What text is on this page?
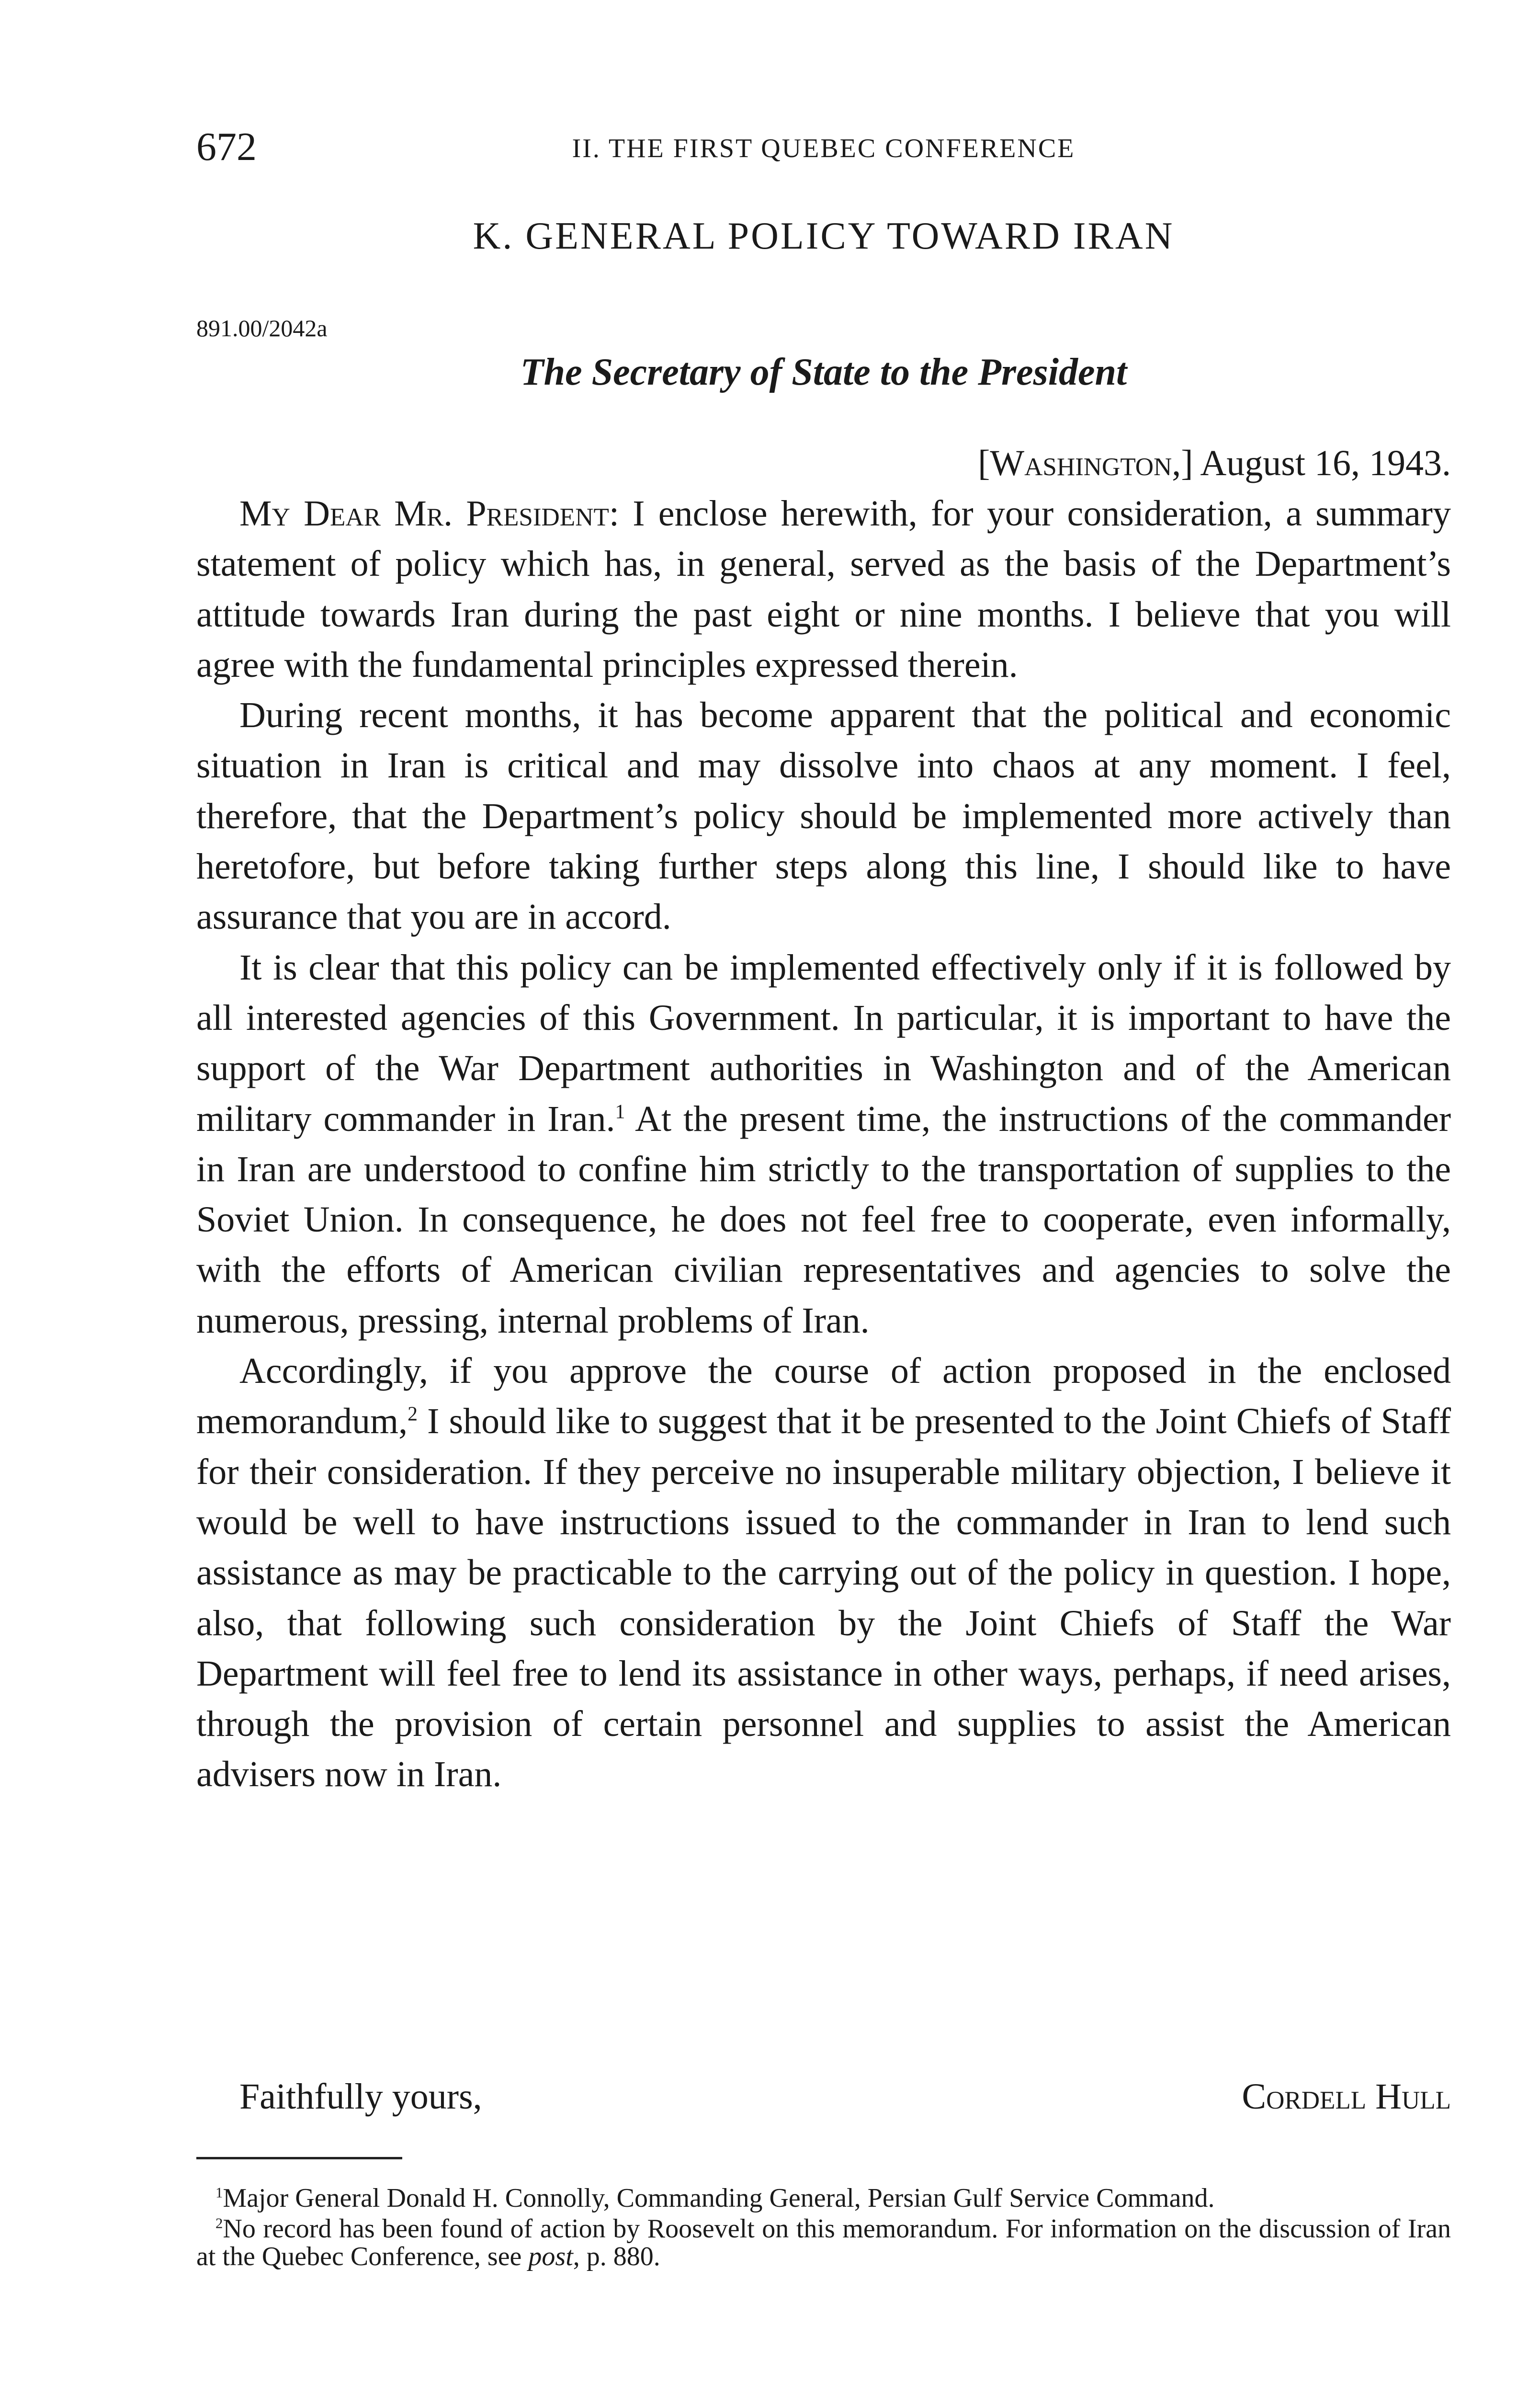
672	II. THE FIRST QUEBEC CONFERENCE
K. GENERAL POLICY TOWARD IRAN
891.00/2042a
The Secretary of State to the President
[Washington,] August 16, 1943.

My Dear Mr. President: I enclose herewith, for your consideration, a summary statement of policy which has, in general, served as the basis of the Department’s attitude towards Iran during the past eight or nine months. I believe that you will agree with the fundamental principles expressed therein.

During recent months, it has become apparent that the political and economic situation in Iran is critical and may dissolve into chaos at any moment. I feel, therefore, that the Department’s policy should be implemented more actively than heretofore, but before taking further steps along this line, I should like to have assurance that you are in accord.

It is clear that this policy can be implemented effectively only if it is followed by all interested agencies of this Government. In particular, it is important to have the support of the War Department authorities in Washington and of the American military commander in Iran.$^1$ At the present time, the instructions of the commander in Iran are understood to confine him strictly to the transportation of supplies to the Soviet Union. In consequence, he does not feel free to cooperate, even informally, with the efforts of American civilian representatives and agencies to solve the numerous, pressing, internal problems of Iran.

Accordingly, if you approve the course of action proposed in the enclosed memorandum,$^2$ I should like to suggest that it be presented to the Joint Chiefs of Staff for their consideration. If they perceive no insuperable military objection, I believe it would be well to have instructions issued to the commander in Iran to lend such assistance as may be practicable to the carrying out of the policy in question. I hope, also, that following such consideration by the Joint Chiefs of Staff the War Department will feel free to lend its assistance in other ways, perhaps, if need arises, through the provision of certain personnel and supplies to assist the American advisers now in Iran.

Faithfully yours,	Cordell Hull

$^1$Major General Donald H. Connolly, Commanding General, Persian Gulf Service Command.

$^2$No record has been found of action by Roosevelt on this memorandum. For information on the discussion of Iran at the Quebec Conference, see post, p. 880.
